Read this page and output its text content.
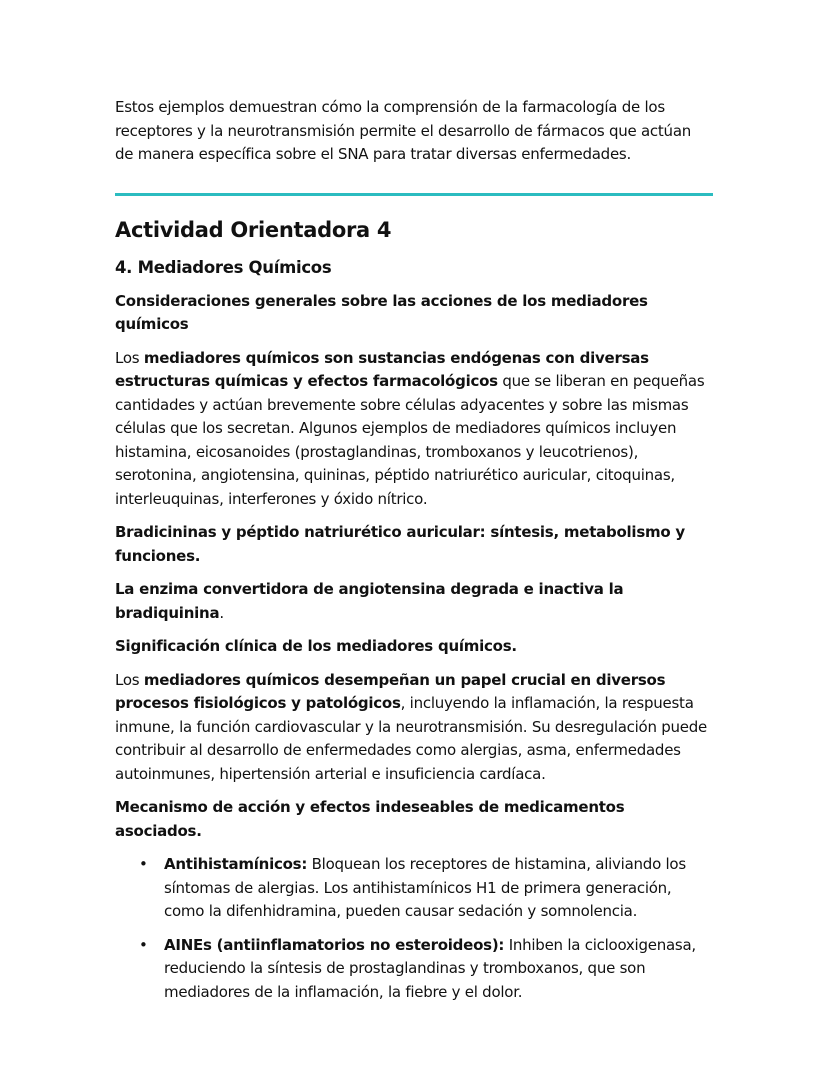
Estos ejemplos demuestran cómo la comprensión de la farmacología de los receptores y la neurotransmisión permite el desarrollo de fármacos que actúan de manera específica sobre el SNA para tratar diversas enfermedades.

Actividad Orientadora 4
4. Mediadores Químicos

Consideraciones generales sobre las acciones de los mediadores químicos

Los mediadores químicos son sustancias endógenas con diversas estructuras químicas y efectos farmacológicos que se liberan en pequeñas cantidades y actúan brevemente sobre células adyacentes y sobre las mismas células que los secretan. Algunos ejemplos de mediadores químicos incluyen histamina, eicosanoides (prostaglandinas, tromboxanos y leucotrienos), serotonina, angiotensina, quininas, péptido natriurético auricular, citoquinas, interleuquinas, interferones y óxido nítrico.

Bradicininas y péptido natriurético auricular: síntesis, metabolismo y funciones.

La enzima convertidora de angiotensina degrada e inactiva la bradiquinina.

Significación clínica de los mediadores químicos.

Los mediadores químicos desempeñan un papel crucial en diversos procesos fisiológicos y patológicos, incluyendo la inflamación, la respuesta inmune, la función cardiovascular y la neurotransmisión. Su desregulación puede contribuir al desarrollo de enfermedades como alergias, asma, enfermedades autoinmunes, hipertensión arterial e insuficiencia cardíaca.

Mecanismo de acción y efectos indeseables de medicamentos asociados.

• Antihistamínicos: Bloquean los receptores de histamina, aliviando los síntomas de alergias. Los antihistamínicos H1 de primera generación, como la difenhidramina, pueden causar sedación y somnolencia.
• AINEs (antiinflamatorios no esteroideos): Inhiben la ciclooxigenasa, reduciendo la síntesis de prostaglandinas y tromboxanos, que son mediadores de la inflamación, la fiebre y el dolor.
